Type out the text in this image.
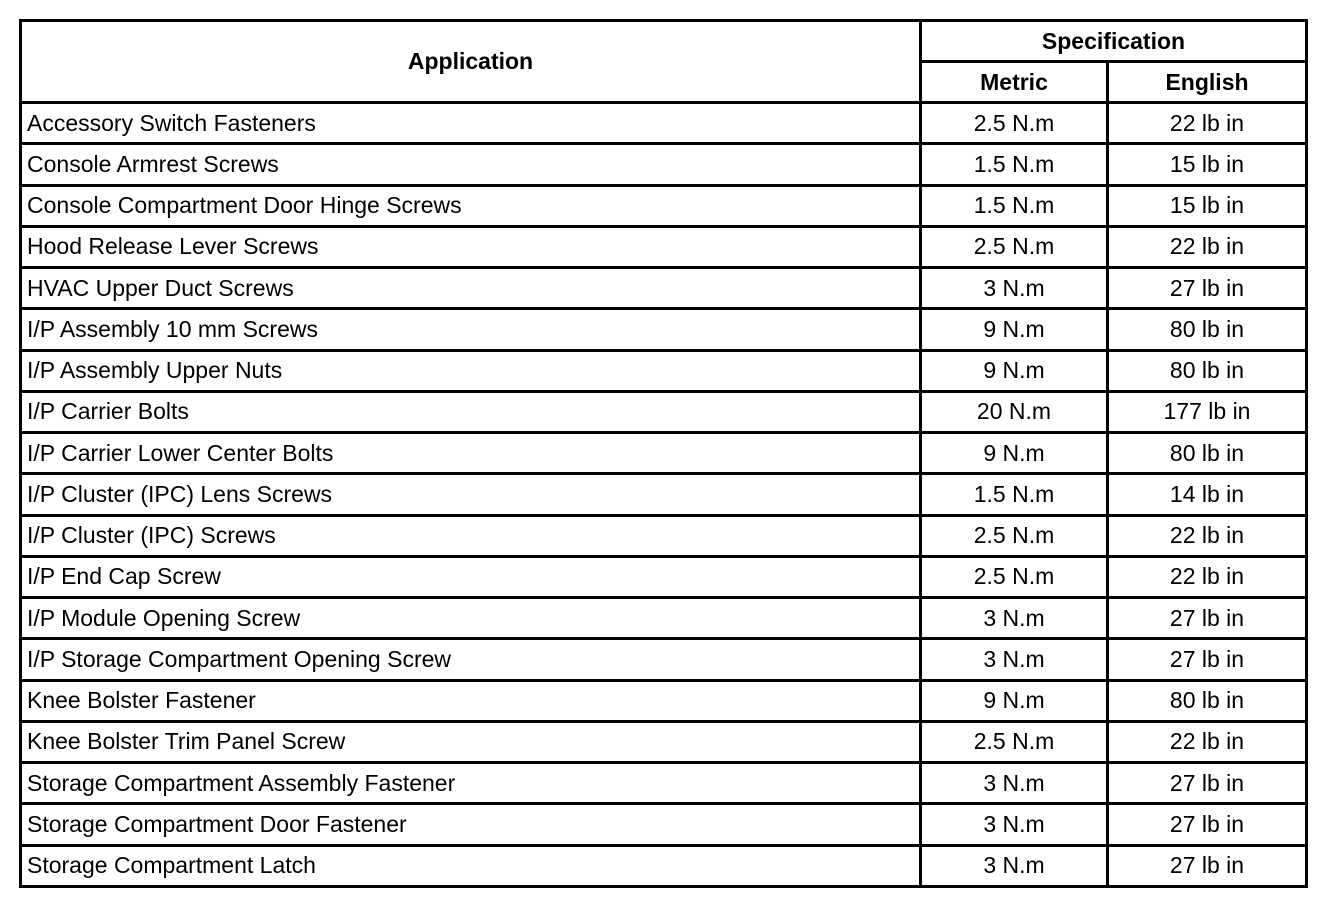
Application	Specification	
	Metric	English
Accessory Switch Fasteners	2.5 N.m	22 lb in
Console Armrest Screws	1.5 N.m	15 lb in
Console Compartment Door Hinge Screws	1.5 N.m	15 lb in
Hood Release Lever Screws	2.5 N.m	22 lb in
HVAC Upper Duct Screws	3 N.m	27 lb in
I/P Assembly 10 mm Screws	9 N.m	80 lb in
I/P Assembly Upper Nuts	9 N.m	80 lb in
I/P Carrier Bolts	20 N.m	177 lb in
I/P Carrier Lower Center Bolts	9 N.m	80 lb in
I/P Cluster (IPC) Lens Screws	1.5 N.m	14 lb in
I/P Cluster (IPC) Screws	2.5 N.m	22 lb in
I/P End Cap Screw	2.5 N.m	22 lb in
I/P Module Opening Screw	3 N.m	27 lb in
I/P Storage Compartment Opening Screw	3 N.m	27 lb in
Knee Bolster Fastener	9 N.m	80 lb in
Knee Bolster Trim Panel Screw	2.5 N.m	22 lb in
Storage Compartment Assembly Fastener	3 N.m	27 lb in
Storage Compartment Door Fastener	3 N.m	27 lb in
Storage Compartment Latch	3 N.m	27 lb in
